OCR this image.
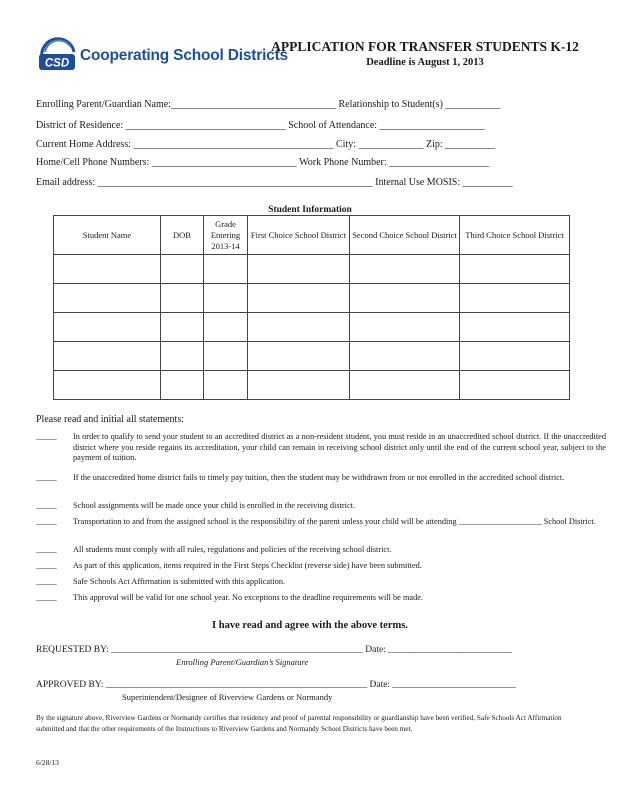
CSD Cooperating School Districts
APPLICATION FOR TRANSFER STUDENTS K-12
Deadline is August 1, 2013
Enrolling Parent/Guardian Name:_________________________________ Relationship to Student(s) ___________
District of Residence: ________________________________ School of Attendance: _____________________
Current Home Address: ________________________________________ City: _____________ Zip: __________
Home/Cell Phone Numbers: _____________________________ Work Phone Number: ____________________
Email address: _______________________________________________________ Internal Use MOSIS: __________
Student Information
Student Name	DOB	Grade Entering 2013-14	First Choice School District	Second Choice School District	Third Choice School District

Please read and initial all statements:
_____ In order to qualify to send your student to an accredited district as a non-resident student, you must reside in an unaccredited school district. If the unaccredited district where you reside regains its accreditation, your child can remain in receiving school district only until the end of the current school year, subject to the payment of tuition.
_____ If the unaccredited home district fails to timely pay tuition, then the student may be withdrawn from or not enrolled in the accredited school district.
_____ School assignments will be made once your child is enrolled in the receiving district.
_____ Transportation to and from the assigned school is the responsibility of the parent unless your child will be attending ____________________ School District.
_____ All students must comply with all rules, regulations and policies of the receiving school district.
_____ As part of this application, items required in the First Steps Checklist (reverse side) have been submitted.
_____ Safe Schools Act Affirmation is submitted with this application.
_____ This approval will be valid for one school year. No exceptions to the deadline requirements will be made.
I have read and agree with the above terms.
REQUESTED BY: _____________________________________________________ Date: __________________________
Enrolling Parent/Guardian’s Signature
APPROVED BY: _______________________________________________________ Date: __________________________
Superintendent/Designee of Riverview Gardens or Normandy
By the signature above, Riverview Gardens or Normandy certifies that residency and proof of parental responsibility or guardianship have been verified, Safe Schools Act Affirmation submitted and that the other requirements of the Instructions to Riverview Gardens and Normandy School Districts have been met.
6/28/13
